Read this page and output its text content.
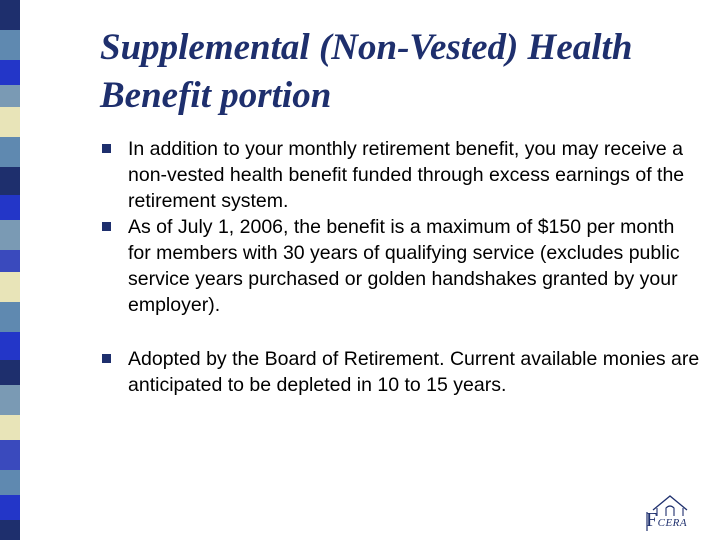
Supplemental (Non-Vested) Health Benefit portion
In addition to your monthly retirement benefit, you may receive a non-vested health benefit funded through excess earnings of the retirement system.
As of July 1, 2006, the benefit is a maximum of $150 per month for members with 30 years of qualifying service (excludes public service years purchased or golden handshakes granted by your employer).
Adopted by the Board of Retirement. Current available monies are anticipated to be depleted in 10 to 15 years.
FCERA
